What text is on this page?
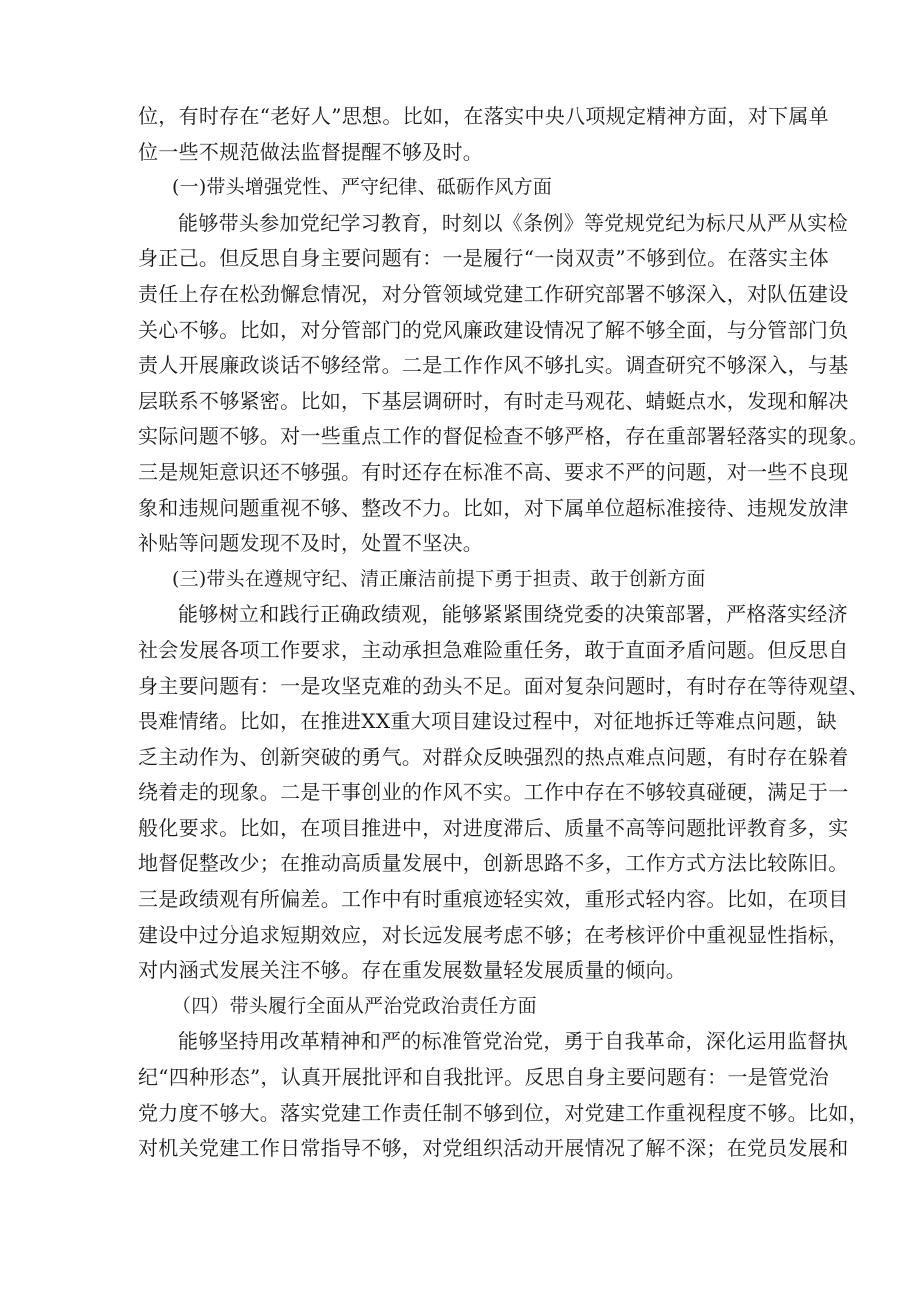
位，有时存在“老好人”思想。比如，在落实中央八项规定精神方面，对下属单
位一些不规范做法监督提醒不够及时。
(一)带头增强党性、严守纪律、砥砺作风方面
能够带头参加党纪学习教育，时刻以《条例》等党规党纪为标尺从严从实检
身正己。但反思自身主要问题有：一是履行“一岗双责”不够到位。在落实主体
责任上存在松劲懈怠情况，对分管领域党建工作研究部署不够深入，对队伍建设
关心不够。比如，对分管部门的党风廉政建设情况了解不够全面，与分管部门负
责人开展廉政谈话不够经常。二是工作作风不够扎实。调查研究不够深入，与基
层联系不够紧密。比如，下基层调研时，有时走马观花、蜻蜓点水，发现和解决
实际问题不够。对一些重点工作的督促检查不够严格，存在重部署轻落实的现象。
三是规矩意识还不够强。有时还存在标准不高、要求不严的问题，对一些不良现
象和违规问题重视不够、整改不力。比如，对下属单位超标准接待、违规发放津
补贴等问题发现不及时，处置不坚决。
(三)带头在遵规守纪、清正廉洁前提下勇于担责、敢于创新方面
能够树立和践行正确政绩观，能够紧紧围绕党委的决策部署，严格落实经济
社会发展各项工作要求，主动承担急难险重任务，敢于直面矛盾问题。但反思自
身主要问题有：一是攻坚克难的劲头不足。面对复杂问题时，有时存在等待观望、
畏难情绪。比如，在推进XX重大项目建设过程中，对征地拆迁等难点问题，缺
乏主动作为、创新突破的勇气。对群众反映强烈的热点难点问题，有时存在躲着
绕着走的现象。二是干事创业的作风不实。工作中存在不够较真碰硬，满足于一
般化要求。比如，在项目推进中，对进度滞后、质量不高等问题批评教育多，实
地督促整改少；在推动高质量发展中，创新思路不多，工作方式方法比较陈旧。
三是政绩观有所偏差。工作中有时重痕迹轻实效，重形式轻内容。比如，在项目
建设中过分追求短期效应，对长远发展考虑不够；在考核评价中重视显性指标，
对内涵式发展关注不够。存在重发展数量轻发展质量的倾向。
（四）带头履行全面从严治党政治责任方面
能够坚持用改革精神和严的标准管党治党，勇于自我革命，深化运用监督执
纪“四种形态”，认真开展批评和自我批评。反思自身主要问题有：一是管党治
党力度不够大。落实党建工作责任制不够到位，对党建工作重视程度不够。比如，
对机关党建工作日常指导不够，对党组织活动开展情况了解不深；在党员发展和
